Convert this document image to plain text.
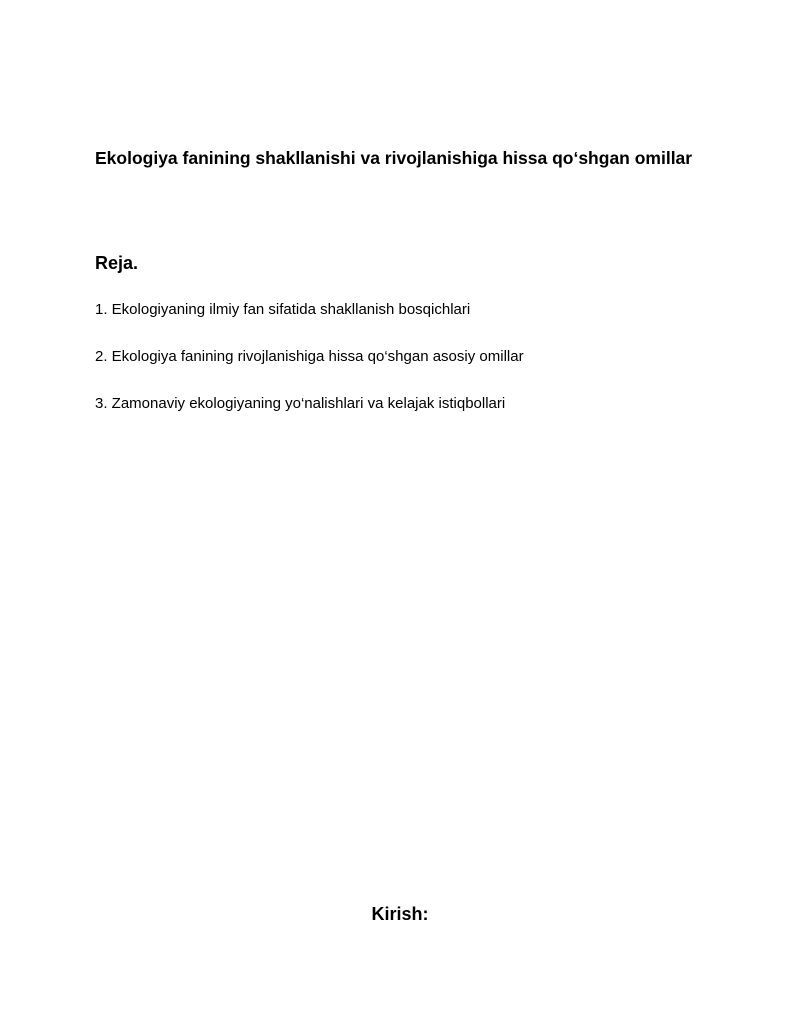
Ekologiya fanining shakllanishi va rivojlanishiga hissa qo‘shgan omillar
Reja.
1. Ekologiyaning ilmiy fan sifatida shakllanish bosqichlari
2. Ekologiya fanining rivojlanishiga hissa qo‘shgan asosiy omillar
3. Zamonaviy ekologiyaning yo‘nalishlari va kelajak istiqbollari
Kirish:
